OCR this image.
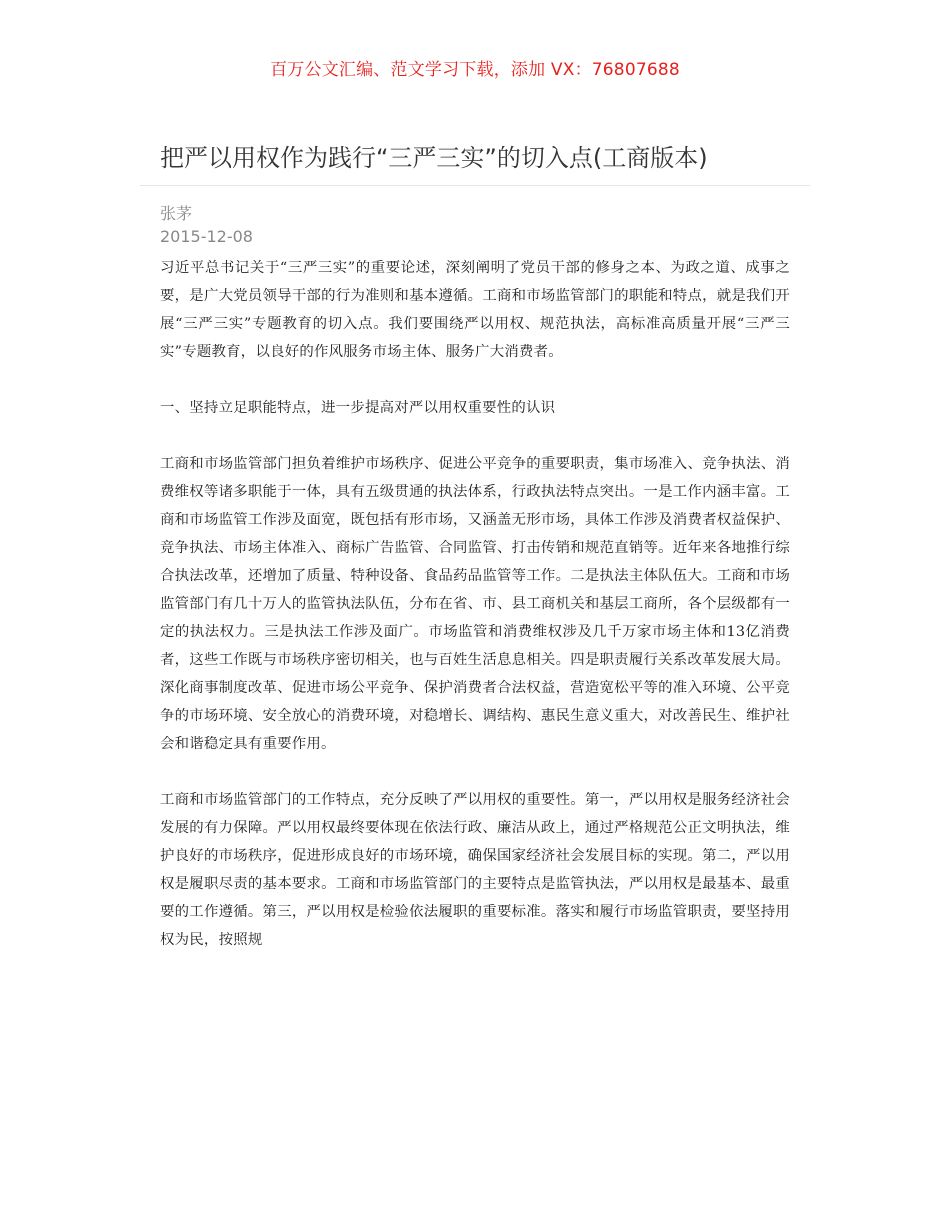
百万公文汇编、范文学习下载，添加 VX：76807688
把严以用权作为践行“三严三实”的切入点(工商版本)
张茅
2015-12-08

习近平总书记关于“三严三实”的重要论述，深刻阐明了党员干部的修身之本、为政之道、成事之要，是广大党员领导干部的行为准则和基本遵循。工商和市场监管部门的职能和特点，就是我们开展“三严三实”专题教育的切入点。我们要围绕严以用权、规范执法，高标准高质量开展“三严三实”专题教育，以良好的作风服务市场主体、服务广大消费者。

一、坚持立足职能特点，进一步提高对严以用权重要性的认识

工商和市场监管部门担负着维护市场秩序、促进公平竞争的重要职责，集市场准入、竞争执法、消费维权等诸多职能于一体，具有五级贯通的执法体系，行政执法特点突出。一是工作内涵丰富。工商和市场监管工作涉及面宽，既包括有形市场，又涵盖无形市场，具体工作涉及消费者权益保护、竞争执法、市场主体准入、商标广告监管、合同监管、打击传销和规范直销等。近年来各地推行综合执法改革，还增加了质量、特种设备、食品药品监管等工作。二是执法主体队伍大。工商和市场监管部门有几十万人的监管执法队伍，分布在省、市、县工商机关和基层工商所，各个层级都有一定的执法权力。三是执法工作涉及面广。市场监管和消费维权涉及几千万家市场主体和13亿消费者，这些工作既与市场秩序密切相关，也与百姓生活息息相关。四是职责履行关系改革发展大局。深化商事制度改革、促进市场公平竞争、保护消费者合法权益，营造宽松平等的准入环境、公平竞争的市场环境、安全放心的消费环境，对稳增长、调结构、惠民生意义重大，对改善民生、维护社会和谐稳定具有重要作用。

工商和市场监管部门的工作特点，充分反映了严以用权的重要性。第一，严以用权是服务经济社会发展的有力保障。严以用权最终要体现在依法行政、廉洁从政上，通过严格规范公正文明执法，维护良好的市场秩序，促进形成良好的市场环境，确保国家经济社会发展目标的实现。第二，严以用权是履职尽责的基本要求。工商和市场监管部门的主要特点是监管执法，严以用权是最基本、最重要的工作遵循。第三，严以用权是检验依法履职的重要标准。落实和履行市场监管职责，要坚持用权为民，按照规
